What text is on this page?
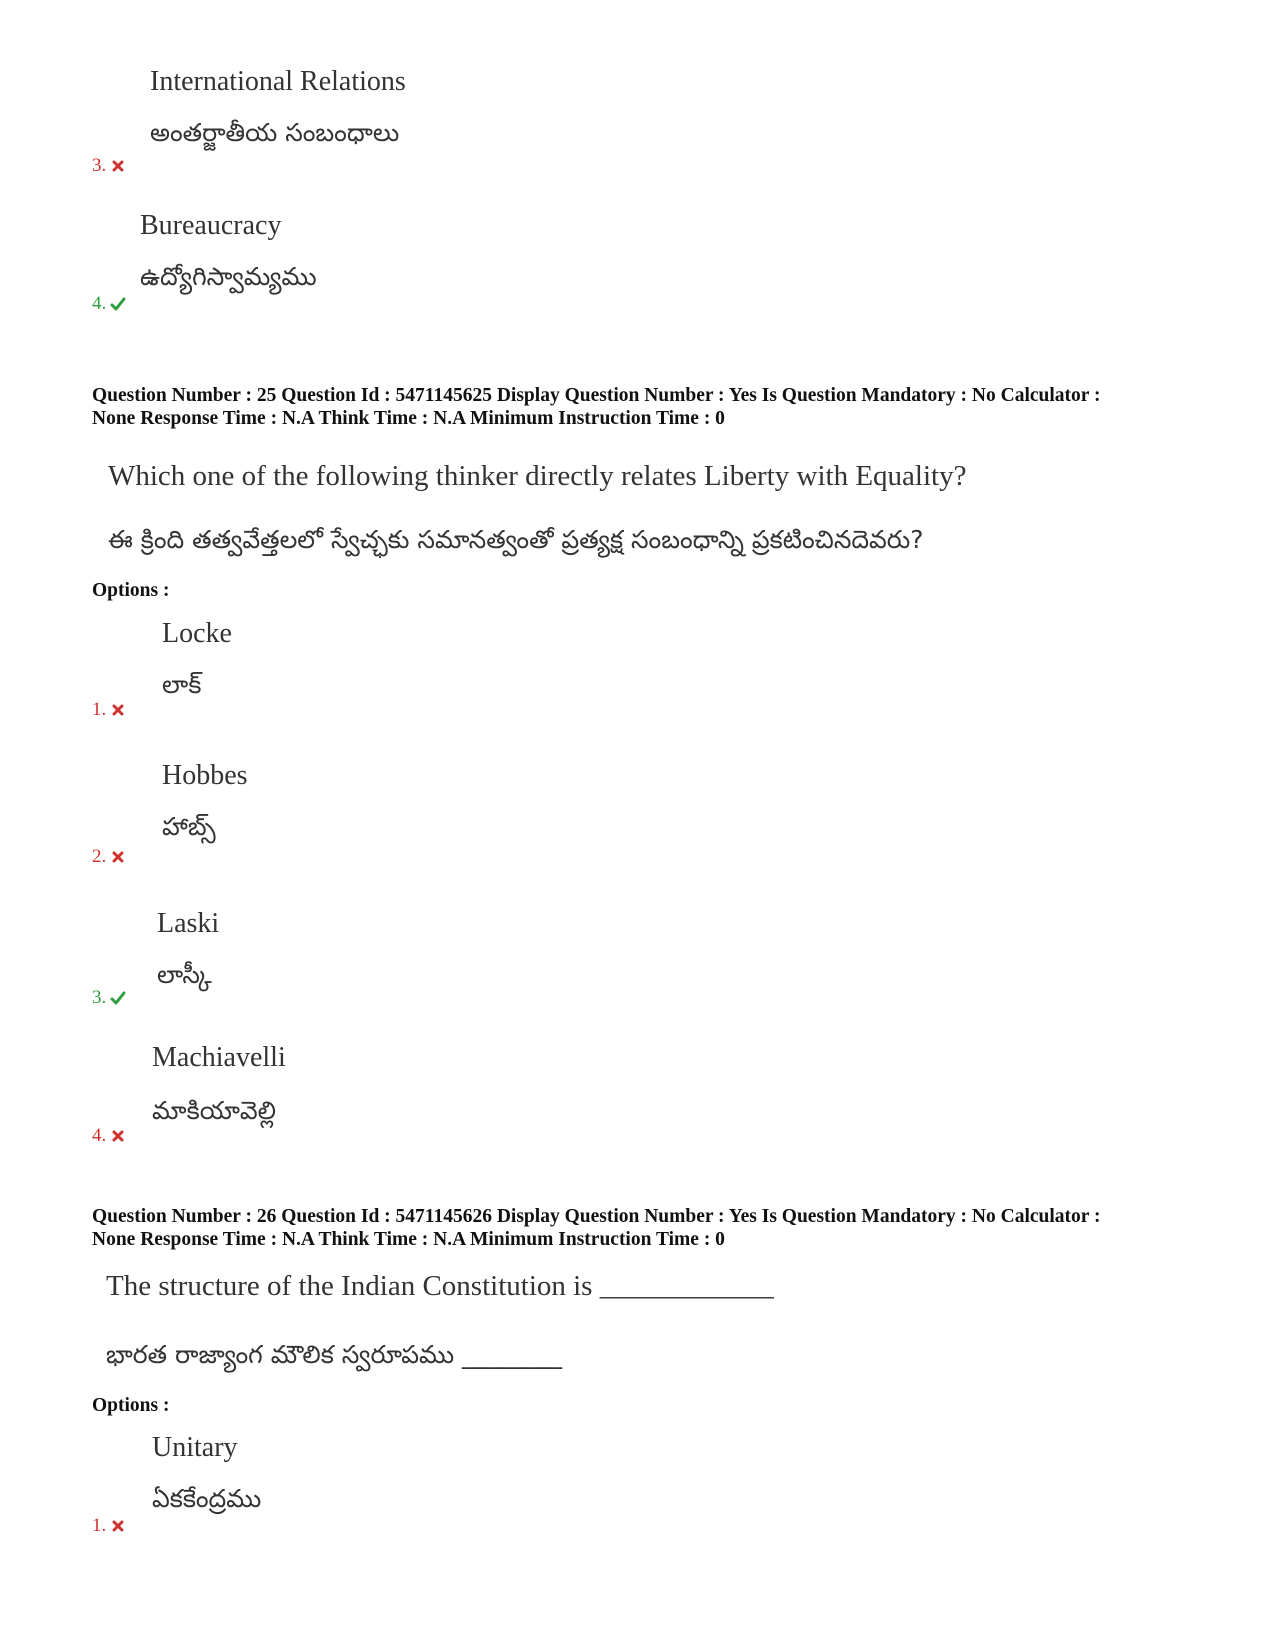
International Relations
అంతర్జాతీయ సంబంధాలు
3.
Bureaucracy
ఉద్యోగిస్వామ్యము
4.
Question Number : 25 Question Id : 5471145625 Display Question Number : Yes Is Question Mandatory : No Calculator :
None Response Time : N.A Think Time : N.A Minimum Instruction Time : 0
Which one of the following thinker directly relates Liberty with Equality?
ఈ క్రింది తత్వవేత్తలలో స్వేచ్ఛకు సమానత్వంతో ప్రత్యక్ష సంబంధాన్ని ప్రకటించినదెవరు?
Options :
Locke
లాక్
1.
Hobbes
హాబ్స్
2.
Laski
లాస్కీ
3.
Machiavelli
మాకియావెల్లి
4.
Question Number : 26 Question Id : 5471145626 Display Question Number : Yes Is Question Mandatory : No Calculator :
None Response Time : N.A Think Time : N.A Minimum Instruction Time : 0
The structure of the Indian Constitution is ____________
భారత రాజ్యాంగ మౌలిక స్వరూపము ________
Options :
Unitary
ఏకకేంద్రము
1.
